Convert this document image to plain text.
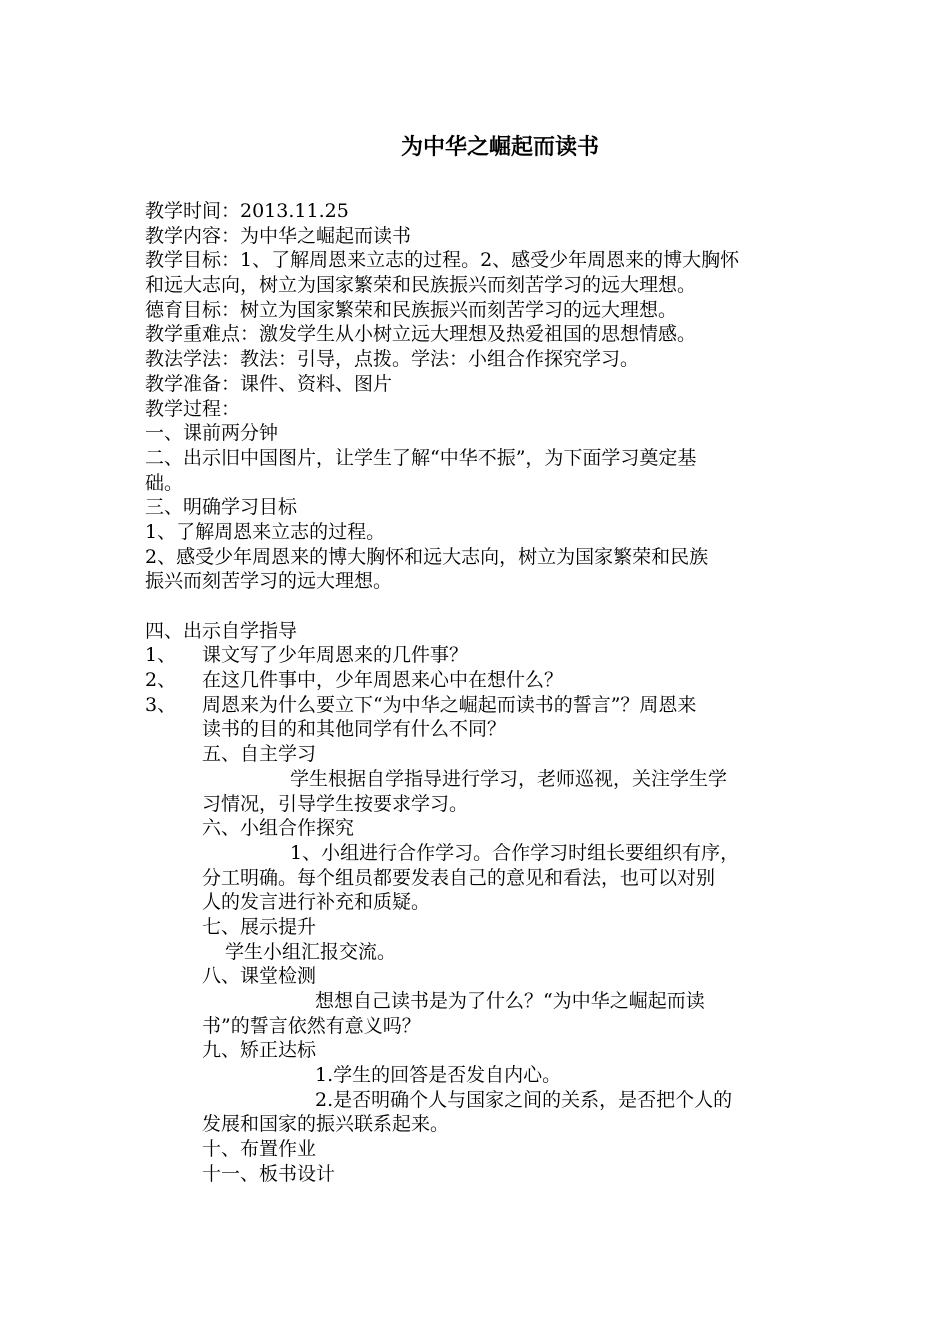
为中华之崛起而读书
教学时间：2013.11.25
教学内容：为中华之崛起而读书
教学目标：1、了解周恩来立志的过程。2、感受少年周恩来的博大胸怀
和远大志向，树立为国家繁荣和民族振兴而刻苦学习的远大理想。
德育目标：树立为国家繁荣和民族振兴而刻苦学习的远大理想。
教学重难点：激发学生从小树立远大理想及热爱祖国的思想情感。
教法学法：教法：引导，点拨。学法：小组合作探究学习。
教学准备：课件、资料、图片
教学过程：
一、课前两分钟
二、出示旧中国图片，让学生了解“中华不振”，为下面学习奠定基
础。
三、明确学习目标
1、了解周恩来立志的过程。
2、感受少年周恩来的博大胸怀和远大志向，树立为国家繁荣和民族
振兴而刻苦学习的远大理想。
四、出示自学指导
1、 课文写了少年周恩来的几件事？
2、 在这几件事中，少年周恩来心中在想什么？
3、 周恩来为什么要立下“为中华之崛起而读书的誓言”？周恩来
读书的目的和其他同学有什么不同？
五、自主学习
学生根据自学指导进行学习，老师巡视，关注学生学
习情况，引导学生按要求学习。
六、小组合作探究
1、小组进行合作学习。合作学习时组长要组织有序，
分工明确。每个组员都要发表自己的意见和看法，也可以对别
人的发言进行补充和质疑。
七、展示提升
学生小组汇报交流。
八、课堂检测
想想自己读书是为了什么？“为中华之崛起而读
书”的誓言依然有意义吗？
九、矫正达标
1.学生的回答是否发自内心。
2.是否明确个人与国家之间的关系，是否把个人的
发展和国家的振兴联系起来。
十、布置作业
十一、板书设计
